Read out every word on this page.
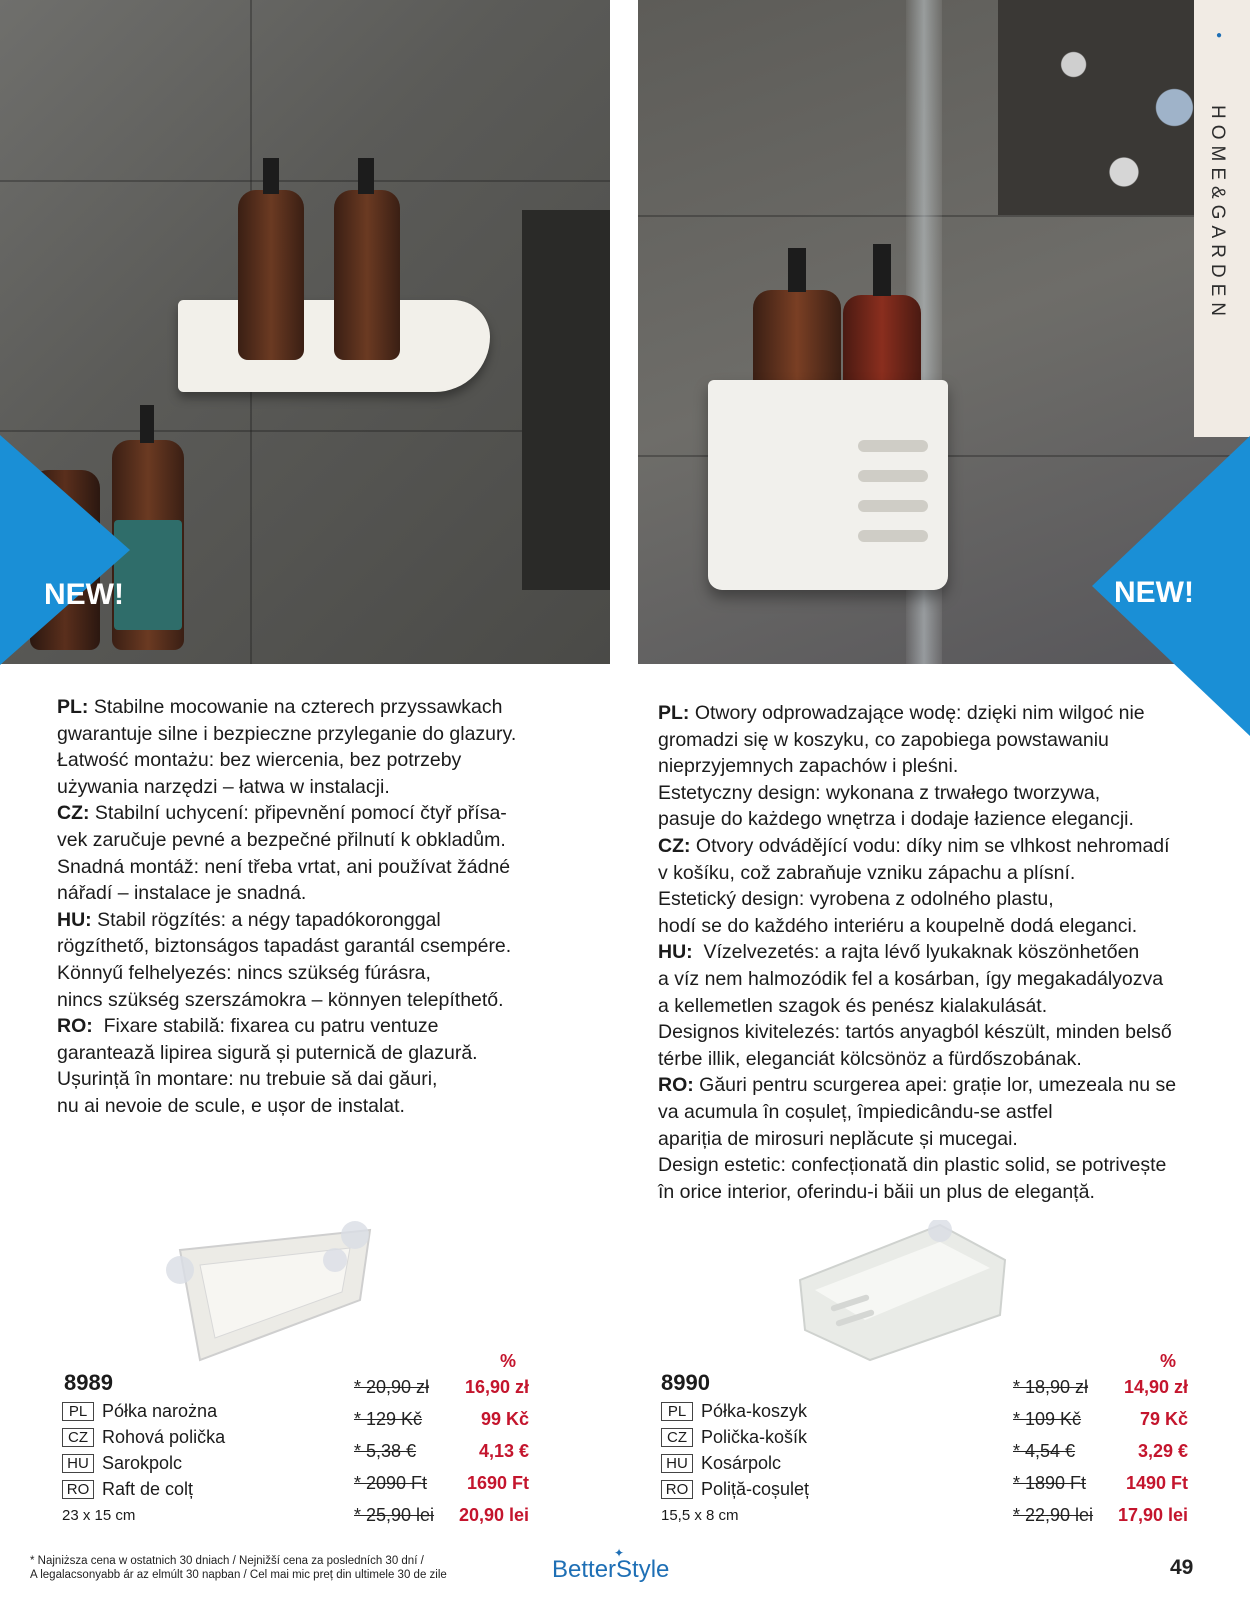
●
HOME&GARDEN
NEW!	NEW!
PL: Stabilne mocowanie na czterech przyssawkach
gwarantuje silne i bezpieczne przyleganie do glazury.
Łatwość montażu: bez wiercenia, bez potrzeby
używania narzędzi – łatwa w instalacji.
CZ: Stabilní uchycení: připevnění pomocí čtyř přísa-
vek zaručuje pevné a bezpečné přilnutí k obkladům.
Snadná montáž: není třeba vrtat, ani používat žádné
nářadí – instalace je snadná.
HU: Stabil rögzítés: a négy tapadókoronggal
rögzíthető, biztonságos tapadást garantál csempére.
Könnyű felhelyezés: nincs szükség fúrásra,
nincs szükség szerszámokra – könnyen telepíthető.
RO:  Fixare stabilă: fixarea cu patru ventuze
garantează lipirea sigură și puternică de glazură.
Ușurință în montare: nu trebuie să dai găuri,
nu ai nevoie de scule, e ușor de instalat.
PL: Otwory odprowadzające wodę: dzięki nim wilgoć nie
gromadzi się w koszyku, co zapobiega powstawaniu
nieprzyjemnych zapachów i pleśni.
Estetyczny design: wykonana z trwałego tworzywa,
pasuje do każdego wnętrza i dodaje łazience elegancji.
CZ: Otvory odvádějící vodu: díky nim se vlhkost nehromadí
v košíku, což zabraňuje vzniku zápachu a plísní.
Estetický design: vyrobena z odolného plastu,
hodí se do každého interiéru a koupelně dodá eleganci.
HU:  Vízelvezetés: a rajta lévő lyukaknak köszönhetően
a víz nem halmozódik fel a kosárban, így megakadályozva
a kellemetlen szagok és penész kialakulását.
Designos kivitelezés: tartós anyagból készült, minden belső
térbe illik, eleganciát kölcsönöz a fürdőszobának.
RO: Găuri pentru scurgerea apei: grație lor, umezeala nu se
va acumula în coșuleț, împiedicându-se astfel
apariția de mirosuri neplăcute și mucegai.
Design estetic: confecționată din plastic solid, se potrivește
în orice interior, oferindu-i băii un plus de eleganță.
8989
PL Półka narożna
CZ Rohová polička
HU Sarokpolc
RO Raft de colț
23 x 15 cm
%
* 20,90 zł 16,90 zł
* 129 Kč	99 Kč
* 5,38 €	4,13 €
* 2090 Ft 1690 Ft
* 25,90 lei 20,90 lei
8990
PL Półka-koszyk
CZ Polička-košík
HU Kosárpolc
RO Poliță-coșuleț
15,5 x 8 cm
%
* 18,90 zł 14,90 zł
* 109 Kč	79 Kč
* 4,54 €	3,29 €
* 1890 Ft 1490 Ft
* 22,90 lei 17,90 lei
* Najniższa cena w ostatnich 30 dniach / Nejnižší cena za posledních 30 dní /
A legalacsonyabb ár az elmúlt 30 napban / Cel mai mic preț din ultimele 30 de zile	BetterStyle
✦
49
